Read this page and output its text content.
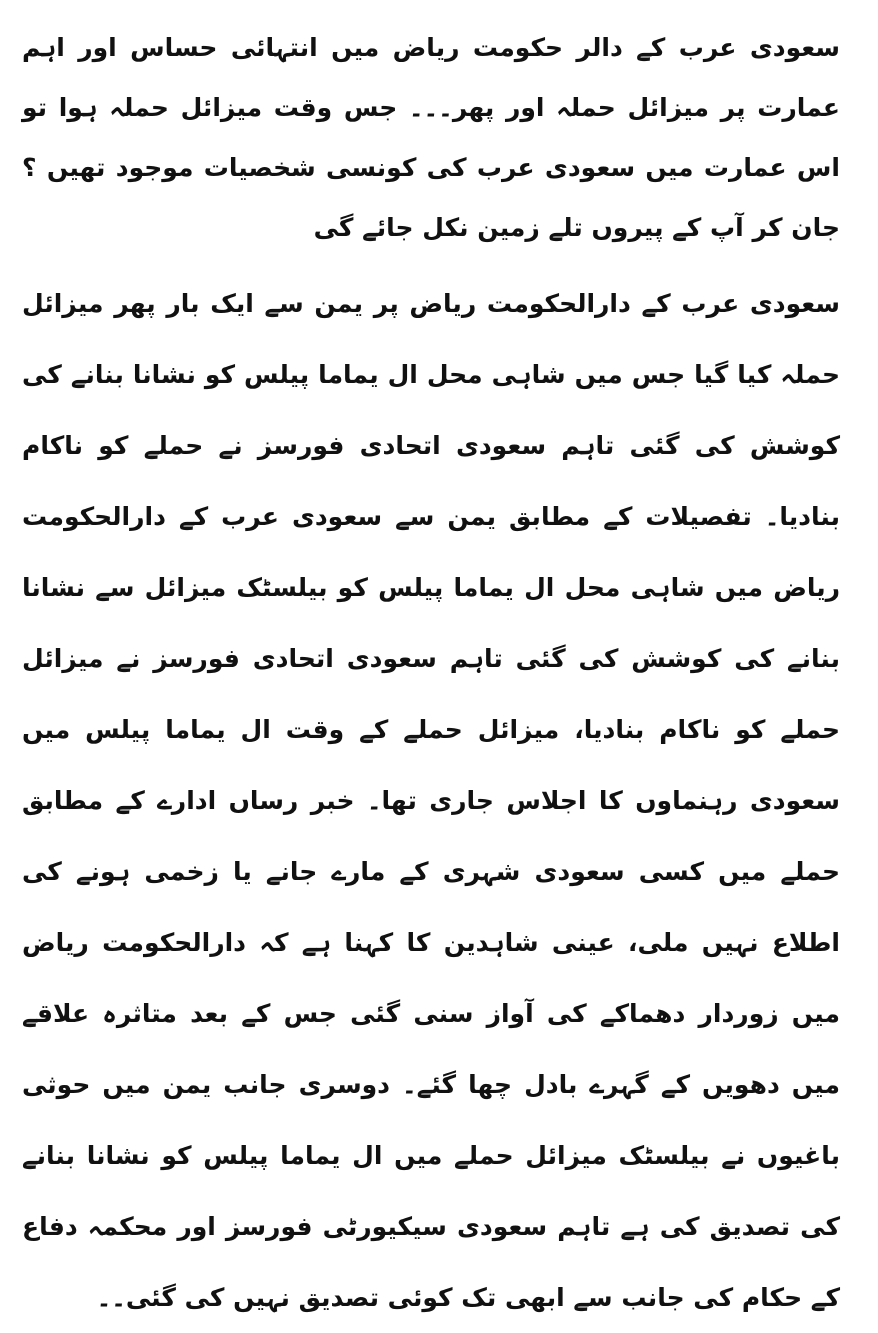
سعودی عرب کے دالر حکومت ریاض میں انتہائی حساس اور اہم عمارت پر میزائل حملہ اور پھر۔۔۔ جس وقت میزائل حملہ ہوا تو اس عمارت میں سعودی عرب کی کونسی شخصیات موجود تھیں ؟ جان کر آپ کے پیروں تلے زمین نکل جائے گی

سعودی عرب کے دارالحکومت ریاض پر یمن سے ایک بار پھر میزائل حملہ کیا گیا جس میں شاہی محل ال یماما پیلس کو نشانا بنانے کی کوشش کی گئی تاہم سعودی اتحادی فورسز نے حملے کو ناکام بنادیا۔ تفصیلات کے مطابق یمن سے سعودی عرب کے دارالحکومت ریاض میں شاہی محل ال یماما پیلس کو بیلسٹک میزائل سے نشانا بنانے کی کوشش کی گئی تاہم سعودی اتحادی فورسز نے میزائل حملے کو ناکام بنادیا، میزائل حملے کے وقت ال یماما پیلس میں سعودی رہنماوں کا اجلاس جاری تھا۔ خبر رساں ادارے کے مطابق حملے میں کسی سعودی شہری کے مارے جانے یا زخمی ہونے کی اطلاع نہیں ملی، عینی شاہدین کا کہنا ہے کہ دارالحکومت ریاض میں زوردار دھماکے کی آواز سنی گئی جس کے بعد متاثرہ علاقے میں دھویں کے گہرے بادل چھا گئے۔ دوسری جانب یمن میں حوثی باغیوں نے بیلسٹک میزائل حملے میں ال یماما پیلس کو نشانا بنانے کی تصدیق کی ہے تاہم سعودی سیکیورٹی فورسز اور محکمہ دفاع کے حکام کی جانب سے ابھی تک کوئی تصدیق نہیں کی گئی۔۔
